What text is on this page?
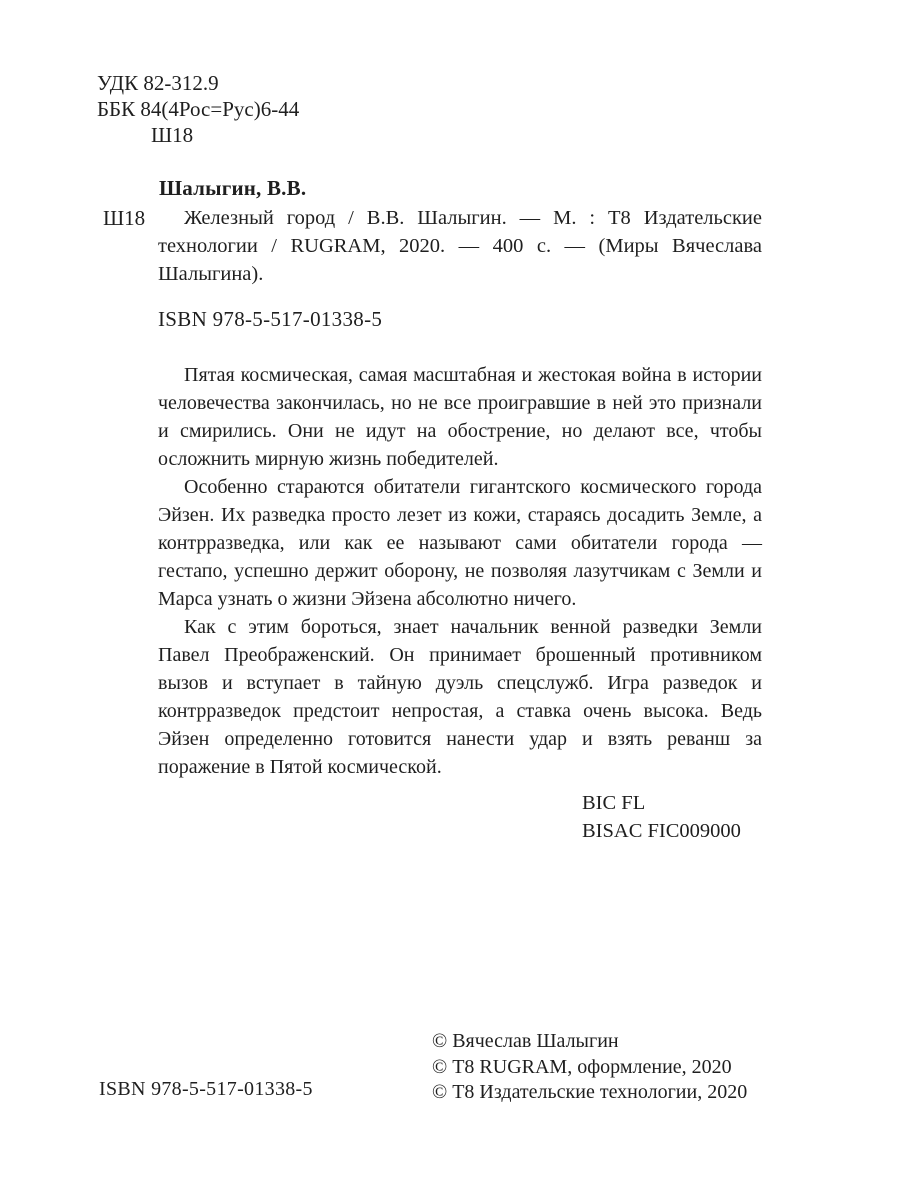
УДК 82-312.9
ББК 84(4Рос=Рус)6-44
Ш18
Шалыгин, В.В.
Ш18	Железный город / В.В. Шалыгин. — М. : Т8 Издательские технологии / RUGRAM, 2020. — 400 с. — (Миры Вячеслава Шалыгина).
ISBN 978-5-517-01338-5

Пятая космическая, самая масштабная и жестокая война в истории человечества закончилась, но не все проигравшие в ней это признали и смирились. Они не идут на обострение, но делают все, чтобы осложнить мирную жизнь победителей.

Особенно стараются обитатели гигантского космического города Эйзен. Их разведка просто лезет из кожи, стараясь досадить Земле, а контрразведка, или как ее называют сами обитатели города — гестапо, успешно держит оборону, не позволяя лазутчикам с Земли и Марса узнать о жизни Эйзена абсолютно ничего.

Как с этим бороться, знает начальник венной разведки Земли Павел Преображенский. Он принимает брошенный противником вызов и вступает в тайную дуэль спецслужб. Игра разведок и контрразведок предстоит непростая, а ставка очень высока. Ведь Эйзен определенно готовится нанести удар и взять реванш за поражение в Пятой космической.

BIC FL
BISAC FIC009000
ISBN 978-5-517-01338-5
© Вячеслав Шалыгин
© Т8 RUGRAM, оформление, 2020
© Т8 Издательские технологии, 2020
